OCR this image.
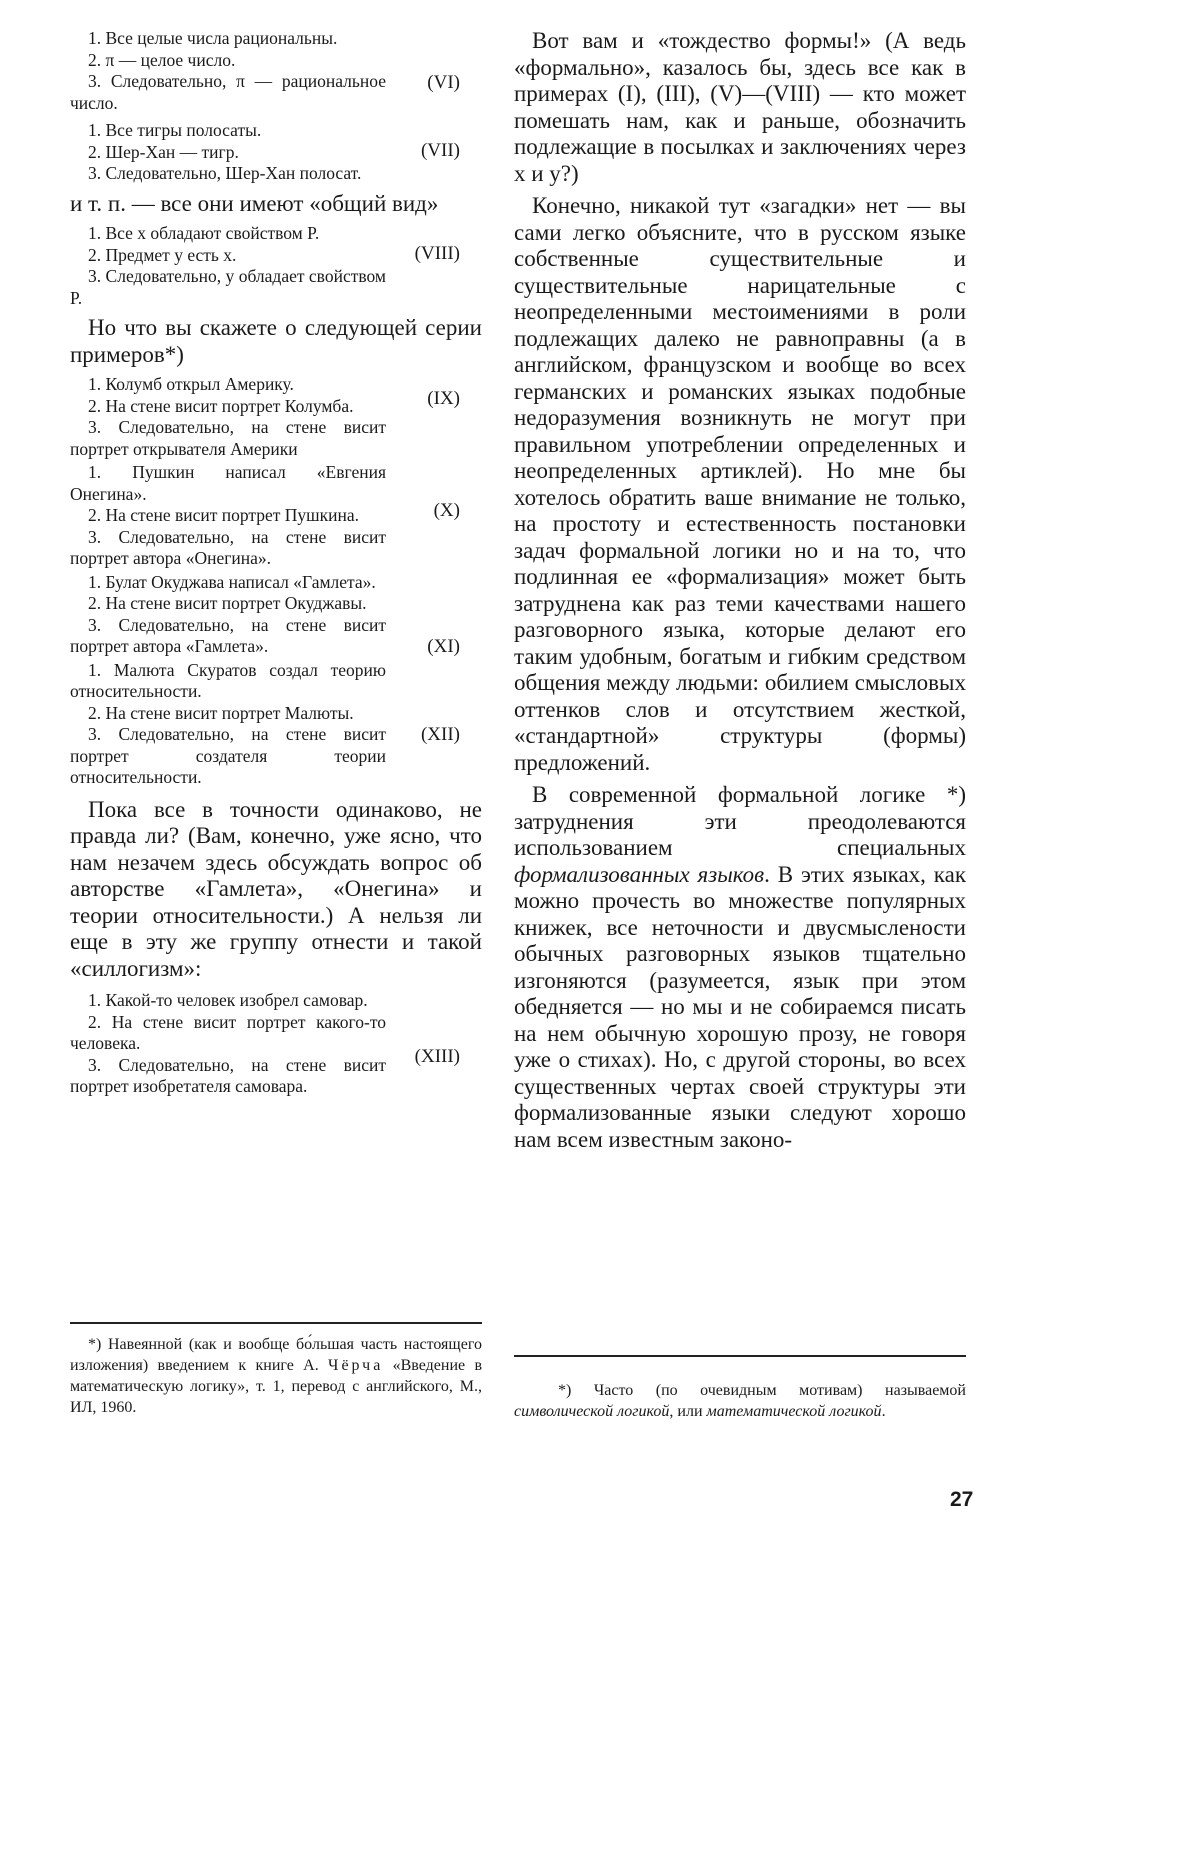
(VI)
1. Все целые числа рациональны.
2. π — целое число.
3. Следовательно, π — рациональное число.
(VII)
1. Все тигры полосаты.
2. Шер-Хан — тигр.
3. Следовательно, Шер-Хан полосат.
и т. п. — все они имеют «общий вид»
(VIII)
1. Все x обладают свойством P.
2. Предмет y есть x.
3. Следовательно, y обладает свойством P.
Но что вы скажете о следующей серии примеров*)
(IX)
1. Колумб открыл Америку.
2. На стене висит портрет Колумба.
3. Следовательно, на стене висит портрет открывателя Америки
(X)
1. Пушкин написал «Евгения Онегина».
2. На стене висит портрет Пушкина.
3. Следовательно, на стене висит портрет автора «Онегина».
(XI)
1. Булат Окуджава написал «Гамлета».
2. На стене висит портрет Окуджавы.
3. Следовательно, на стене висит портрет автора «Гамлета».
(XII)
1. Малюта Скуратов создал теорию относительности.
2. На стене висит портрет Малюты.
3. Следовательно, на стене висит портрет создателя теории относительности.
Пока все в точности одинаково, не правда ли? (Вам, конечно, уже ясно, что нам незачем здесь обсуждать вопрос об авторстве «Гамлета», «Онегина» и теории относительности.) А нельзя ли еще в эту же группу отнести и такой «силлогизм»:
(XIII)
1. Какой-то человек изобрел самовар.
2. На стене висит портрет какого-то человека.
3. Следовательно, на стене висит портрет изобретателя самовара.
*) Навеянной (как и вообще бо́льшая часть настоящего изложения) введением к книге А. Чёрча «Введение в математическую логику», т. 1, перевод с английского, М., ИЛ, 1960.
Вот вам и «тождество формы!» (А ведь «формально», казалось бы, здесь все как в примерах (I), (III), (V)—(VIII) — кто может помешать нам, как и раньше, обозначить подлежащие в посылках и заключениях через x и y?)
Конечно, никакой тут «загадки» нет — вы сами легко объясните, что в русском языке собственные существительные и существительные нарицательные с неопределенными местоимениями в роли подлежащих далеко не равноправны (а в английском, французском и вообще во всех германских и романских языках подобные недоразумения возникнуть не могут при правильном употреблении определенных и неопределенных артиклей). Но мне бы хотелось обратить ваше внимание не только, на простоту и естественность постановки задач формальной логики но и на то, что подлинная ее «формализация» может быть затруднена как раз теми качествами нашего разговорного языка, которые делают его таким удобным, богатым и гибким средством общения между людьми: обилием смысловых оттенков слов и отсутствием жесткой, «стандартной» структуры (формы) предложений.
В современной формальной логике *) затруднения эти преодолеваются использованием специальных формализованных языков. В этих языках, как можно прочесть во множестве популярных книжек, все неточности и двусмыслености обычных разговорных языков тщательно изгоняются (разумеется, язык при этом обедняется — но мы и не собираемся писать на нем обычную хорошую прозу, не говоря уже о стихах). Но, с другой стороны, во всех существенных чертах своей структуры эти формализованные языки следуют хорошо нам всем известным законо-
*) Часто (по очевидным мотивам) называемой символической логикой, или математической логикой.
27
